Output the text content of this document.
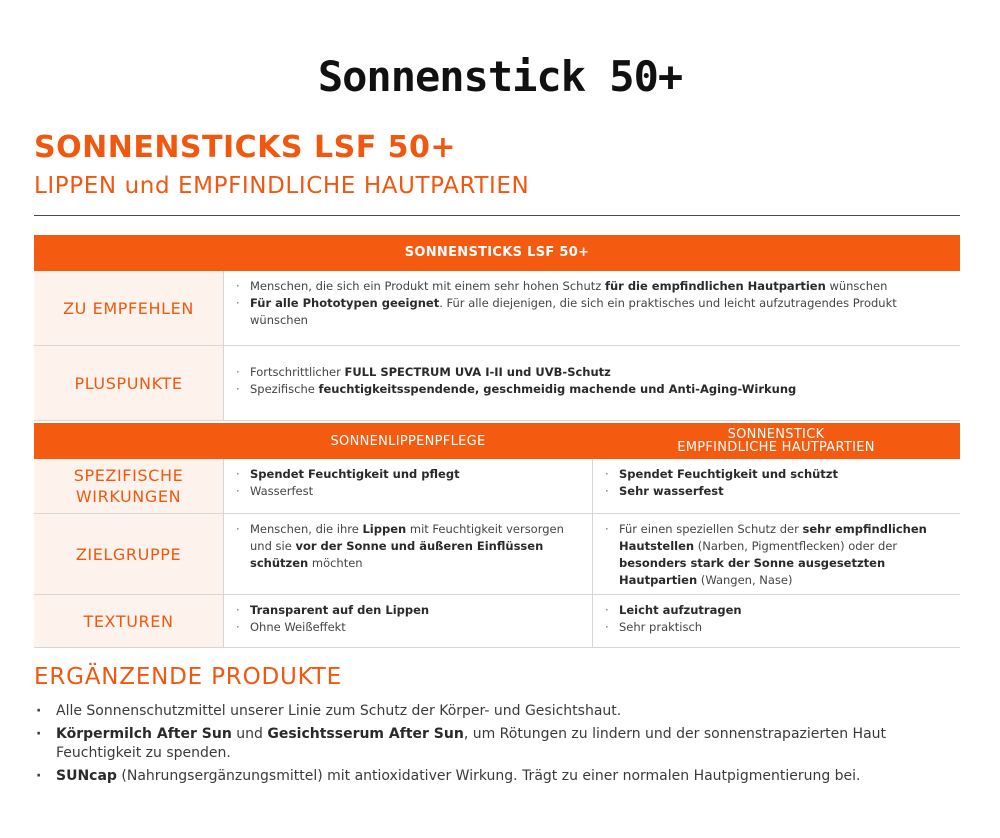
Sonnenstick 50+
SONNENSTICKS LSF 50+
LIPPEN und EMPFINDLICHE HAUTPARTIEN
SONNENSTICKS LSF 50+
ZU EMPFEHLEN
· Menschen, die sich ein Produkt mit einem sehr hohen Schutz für die empfindlichen Hautpartien wünschen
· Für alle Phototypen geeignet. Für alle diejenigen, die sich ein praktisches und leicht aufzutragendes Produkt wünschen
PLUSPUNKTE
· Fortschrittlicher FULL SPECTRUM UVA I-II und UVB-Schutz
· Spezifische feuchtigkeitsspendende, geschmeidig machende und Anti-Aging-Wirkung
SONNENLIPPENPFLEGE	SONNENSTICK
EMPFINDLICHE HAUTPARTIEN
SPEZIFISCHE
WIRKUNGEN
· Spendet Feuchtigkeit und pflegt
· Wasserfest
· Spendet Feuchtigkeit und schützt
· Sehr wasserfest
ZIELGRUPPE
· Menschen, die ihre Lippen mit Feuchtigkeit versorgen und sie vor der Sonne und äußeren Einflüssen schützen möchten
· Für einen speziellen Schutz der sehr empfindlichen Hautstellen (Narben, Pigmentflecken) oder der besonders stark der Sonne ausgesetzten Hautpartien (Wangen, Nase)
TEXTUREN
· Transparent auf den Lippen
· Ohne Weißeffekt
· Leicht aufzutragen
· Sehr praktisch
ERGÄNZENDE PRODUKTE
· Alle Sonnenschutzmittel unserer Linie zum Schutz der Körper- und Gesichtshaut.
· Körpermilch After Sun und Gesichtsserum After Sun, um Rötungen zu lindern und der sonnenstrapazierten Haut Feuchtigkeit zu spenden.
· SUNcap (Nahrungsergänzungsmittel) mit antioxidativer Wirkung. Trägt zu einer normalen Hautpigmentierung bei.
